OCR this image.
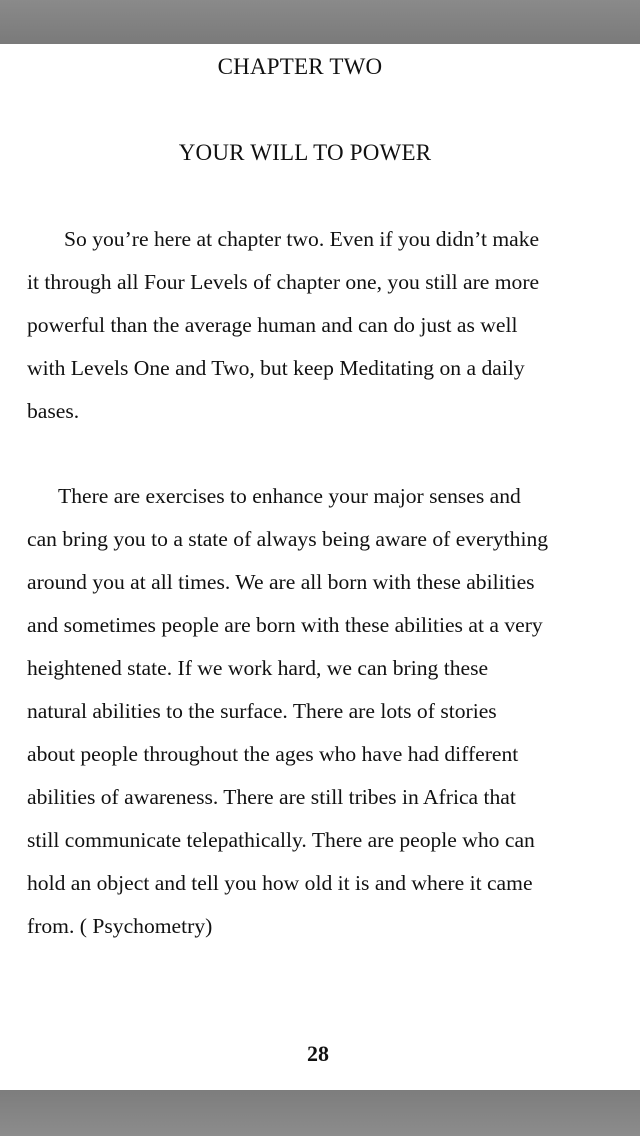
CHAPTER TWO
YOUR WILL TO POWER

So you’re here at chapter two. Even if you didn’t make
it through all Four Levels of chapter one, you still are more
powerful than the average human and can do just as well
with Levels One and Two, but keep Meditating on a daily
bases.

There are exercises to enhance your major senses and
can bring you to a state of always being aware of everything
around you at all times. We are all born with these abilities
and sometimes people are born with these abilities at a very
heightened state. If we work hard, we can bring these
natural abilities to the surface. There are lots of stories
about people throughout the ages who have had different
abilities of awareness. There are still tribes in Africa that
still communicate telepathically. There are people who can
hold an object and tell you how old it is and where it came
from. ( Psychometry)

28
